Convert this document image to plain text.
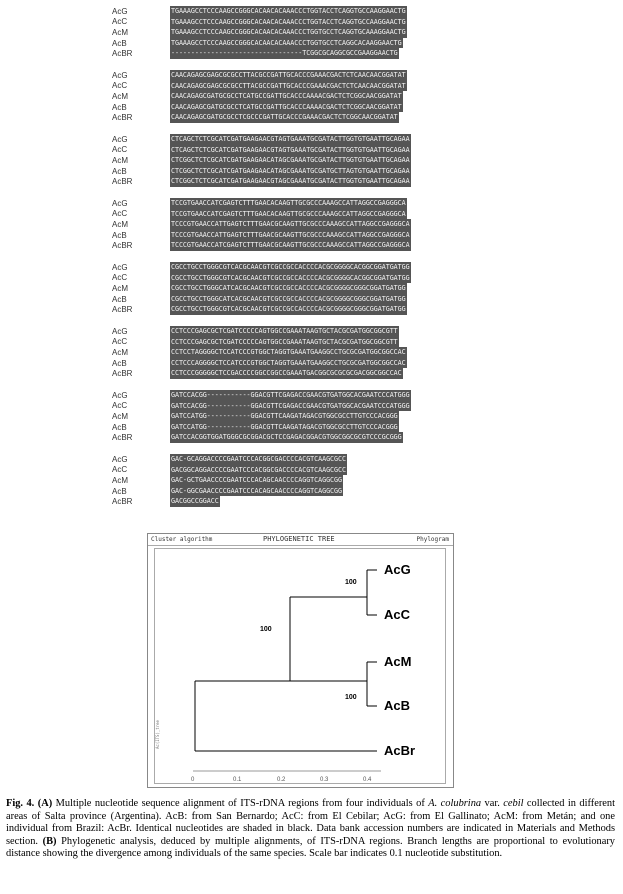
AcG	TGAAAGCCTCCCAAGCCGGGCACAACACAAACCCTGGTACCTCAGGTGCCAAGGAACTG
AcC	TGAAAGCCTCCCAAGCCGGGCACAACACAAACCCTGGTACCTCAGGTGCCAAGGAACTG
AcM	TGAAAGCCTCCCAAGCCGGGCACAACACAAACCCTGGTGCCTCAGGTGCAAAGGAACTG
AcB	TGAAAGCCTCCCAAGCCGGGCACAACACAAACCCTGGTGCCTCAGGCACAAGGAACTG
AcBR	---------------------------------TCGGCGCAGGCGCCGAAGGAACTG
AcG	CAACAGAGCGAGCGCGCCTTACGCCGATTGCACCCGAAACGACTCTCAACAACGGATAT
AcC	CAACAGAGCGAGCGCGCCTTACGCCGATTGCACCCGAAACGACTCTCAACAACGGATAT
AcM	CAACAGAGCGATGCGCCTCATGCCGATTGCACCCAAAACGACTCTCGGCAACGGATAT
AcB	CAACAGAGCGATGCGCCTCATGCCGATTGCACCCAAAACGACTCTCGGCAACGGATAT
AcBR	CAACAGAGCGATGCGCCTCGCCCGATTGCACCCGAAACGACTCTCGGCAACGGATAT
AcG	CTCAGCTCTCGCATCGATGAAGAACGTAGTGAAATGCGATACTTGGTGTGAATTGCAGAA
AcC	CTCAGCTCTCGCATCGATGAAGAACGTAGTGAAATGCGATACTTGGTGTGAATTGCAGAA
AcM	CTCGGCTCTCGCATCGATGAAGAACATAGCGAAATGCGATACTTGGTGTGAATTGCAGAA
AcB	CTCGGCTCTCGCATCGATGAAGAACATAGCGAAATGCGATGCTTAGTGTGAATTGCAGAA
AcBR	CTCGGCTCTCGCATCGATGAAGAACGTAGCGAAATGCGATACTTGGTGTGAATTGCAGAA
AcG	TCCGTGAACCATCGAGTCTTTGAACACAAGTTGCGCCCAAAGCCATTAGGCCGAGGGCA
AcC	TCCGTGAACCATCGAGTCTTTGAACACAAGTTGCGCCCAAAGCCATTAGGCCGAGGGCA
AcM	TCCCGTGAACCATTGAGTCTTTGAACGCAAGTTGCGCCCAAAGCCATTAGGCCGAGGGCA
AcB	TCCCGTGAACCATTGAGTCTTTGAACGCAAGTTGCGCCCAAAGCCATTAGGCCGAGGGCA
AcBR	TCCCGTGAACCATCGAGTCTTTGAACGCAAGTTGCGCCCAAAGCCATTAGGCCGAGGGCA
AcG	CGCCTGCCTGGGCGTCACGCAACGTCGCCGCCACCCCACGCGGGGCACGGCGGATGATGG
AcC	CGCCTGCCTGGGCGTCACGCAACGTCGCCGCCACCCCACGCGGGGCACGGCGGATGATGG
AcM	CGCCTGCCTGGGCATCACGCAACGTCGCCGCCACCCCACGCGGGGCGGGCGGATGATGG
AcB	CGCCTGCCTGGGCATCACGCAACGTCGCCGCCACCCCACGCGGGGCGGGCGGATGATGG
AcBR	CGCCTGCCTGGGCGTCACGCAACGTCGCCGCCACCCCACGCGGGGCGGGCGGATGATGG
AcG	CCTCCCGAGCGCTCGATCCCCCAGTGGCCGAAATAAGTGCTACGCGATGGCGGCGTT
AcC	CCTCCCGAGCGCTCGATCCCCCAGTGGCCGAAATAAGTGCTACGCGATGGCGGCGTT
AcM	CCTCCTAGGGGCTCCATCCCGTGGCTAGGTGAAATGAAGGCCTGCGCGATGGCGGCCAC
AcB	CCTCCCAGGGGCTCCATCCCGTGGCTAGGTGAAATGAAGGCCTGCGCGATGGCGGCCAC
AcBR	CCTCCCGGGGGCTCCGACCCCGGCCGGCCGAAATGACGGCGCGCGCGACGGCGGCCAC
AcG	GATCCACGG-----------GGACGTTCGAGACCGAACGTGATGGCACGAATCCCATGGG
AcC	GATCCACGG-----------GGACGTTCGAGACCGAACGTGATGGCACGAATCCCATGGG
AcM	GATCCATGG-----------GGACGTTCAAGATAGACGTGGCGCCTTGTCCCACGGG
AcB	GATCCATGG-----------GGACGTTCAAGATAGACGTGGCGCCTTGTCCCACGGG
AcBR	GATCCACGGTGGATGGGCGCGGACGCTCCGAGACGGACGTGGCGGCGCGTCCCGCGGG
AcG	GAC-GCAGGACCCCGAATCCCACGGCGACCCCACGTCAAGCGCC
AcC	GACGGCAGGACCCCGAATCCCACGGCGACCCCACGTCAAGCGCC
AcM	GAC-GCTGAACCCCGAATCCCACAGCAACCCCAGGTCAGGCGG
AcB	GAC-GGCGAACCCCGAATCCCACAGCAACCCCAGGTCAGGCGG
AcBR	GACGGCCGGACC
Cluster algorithm	PHYLOGENETIC TREE	Phylogram
Ac(ITS)_tree
AcG
AcC
AcM
AcB
AcBr
100
100
100
0	0.1	0.2	0.3	0.4
Fig. 4. (A) Multiple nucleotide sequence alignment of ITS-rDNA regions from four individuals of A. colubrina var. cebil collected in different areas of Salta province (Argentina). AcB: from San Bernardo; AcC: from El Cebilar; AcG: from El Gallinato; AcM: from Metán; and one individual from Brazil: AcBr. Identical nucleotides are shaded in black. Data bank accession numbers are indicated in Materials and Methods section. (B) Phylogenetic analysis, deduced by multiple alignments, of ITS-rDNA regions. Branch lengths are proportional to evolutionary distance showing the divergence among individuals of the same species. Scale bar indicates 0.1 nucleotide substitution.
